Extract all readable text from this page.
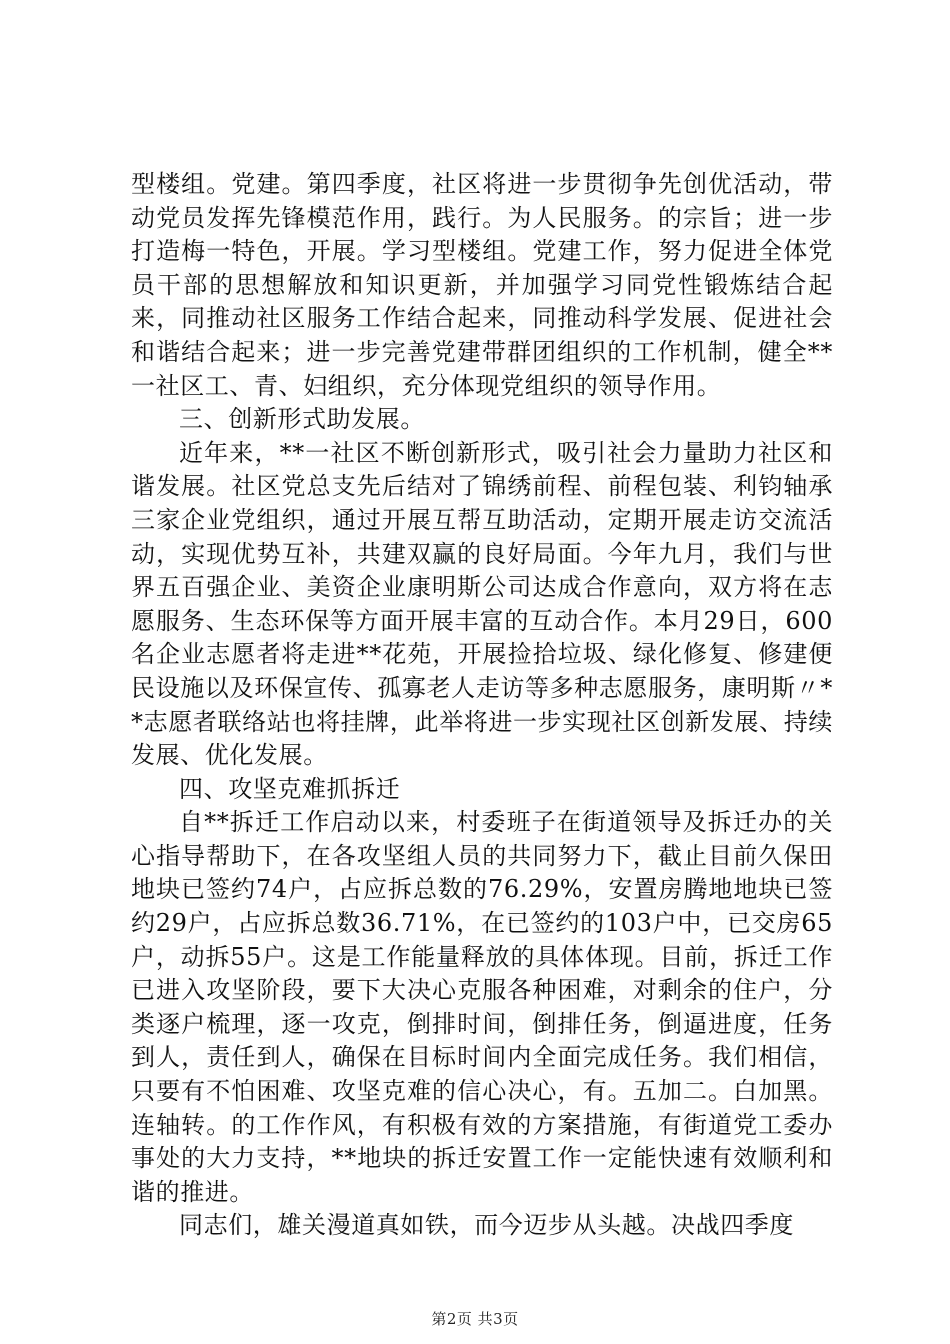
型楼组。党建。第四季度，社区将进一步贯彻争先创优活动，带动党员发挥先锋模范作用，践行。为人民服务。的宗旨；进一步打造梅一特色，开展。学习型楼组。党建工作，努力促进全体党员干部的思想解放和知识更新，并加强学习同党性锻炼结合起来，同推动社区服务工作结合起来，同推动科学发展、促进社会和谐结合起来；进一步完善党建带群团组织的工作机制，健全**一社区工、青、妇组织，充分体现党组织的领导作用。

三、创新形式助发展。

近年来，**一社区不断创新形式，吸引社会力量助力社区和谐发展。社区党总支先后结对了锦绣前程、前程包装、利钧轴承三家企业党组织，通过开展互帮互助活动，定期开展走访交流活动，实现优势互补，共建双赢的良好局面。今年九月，我们与世界五百强企业、美资企业康明斯公司达成合作意向，双方将在志愿服务、生态环保等方面开展丰富的互动合作。本月29日，600名企业志愿者将走进**花苑，开展捡拾垃圾、绿化修复、修建便民设施以及环保宣传、孤寡老人走访等多种志愿服务，康明斯〃**志愿者联络站也将挂牌，此举将进一步实现社区创新发展、持续发展、优化发展。

四、攻坚克难抓拆迁

自**拆迁工作启动以来，村委班子在街道领导及拆迁办的关心指导帮助下，在各攻坚组人员的共同努力下，截止目前久保田地块已签约74户，占应拆总数的76.29%，安置房腾地地块已签约29户，占应拆总数36.71%，在已签约的103户中，已交房65户，动拆55户。这是工作能量释放的具体体现。目前，拆迁工作已进入攻坚阶段，要下大决心克服各种困难，对剩余的住户，分类逐户梳理，逐一攻克，倒排时间，倒排任务，倒逼进度，任务到人，责任到人，确保在目标时间内全面完成任务。我们相信，只要有不怕困难、攻坚克难的信心决心，有。五加二。白加黑。连轴转。的工作作风，有积极有效的方案措施，有街道党工委办事处的大力支持，**地块的拆迁安置工作一定能快速有效顺利和谐的推进。

同志们，雄关漫道真如铁，而今迈步从头越。决战四季度

第2页 共3页
